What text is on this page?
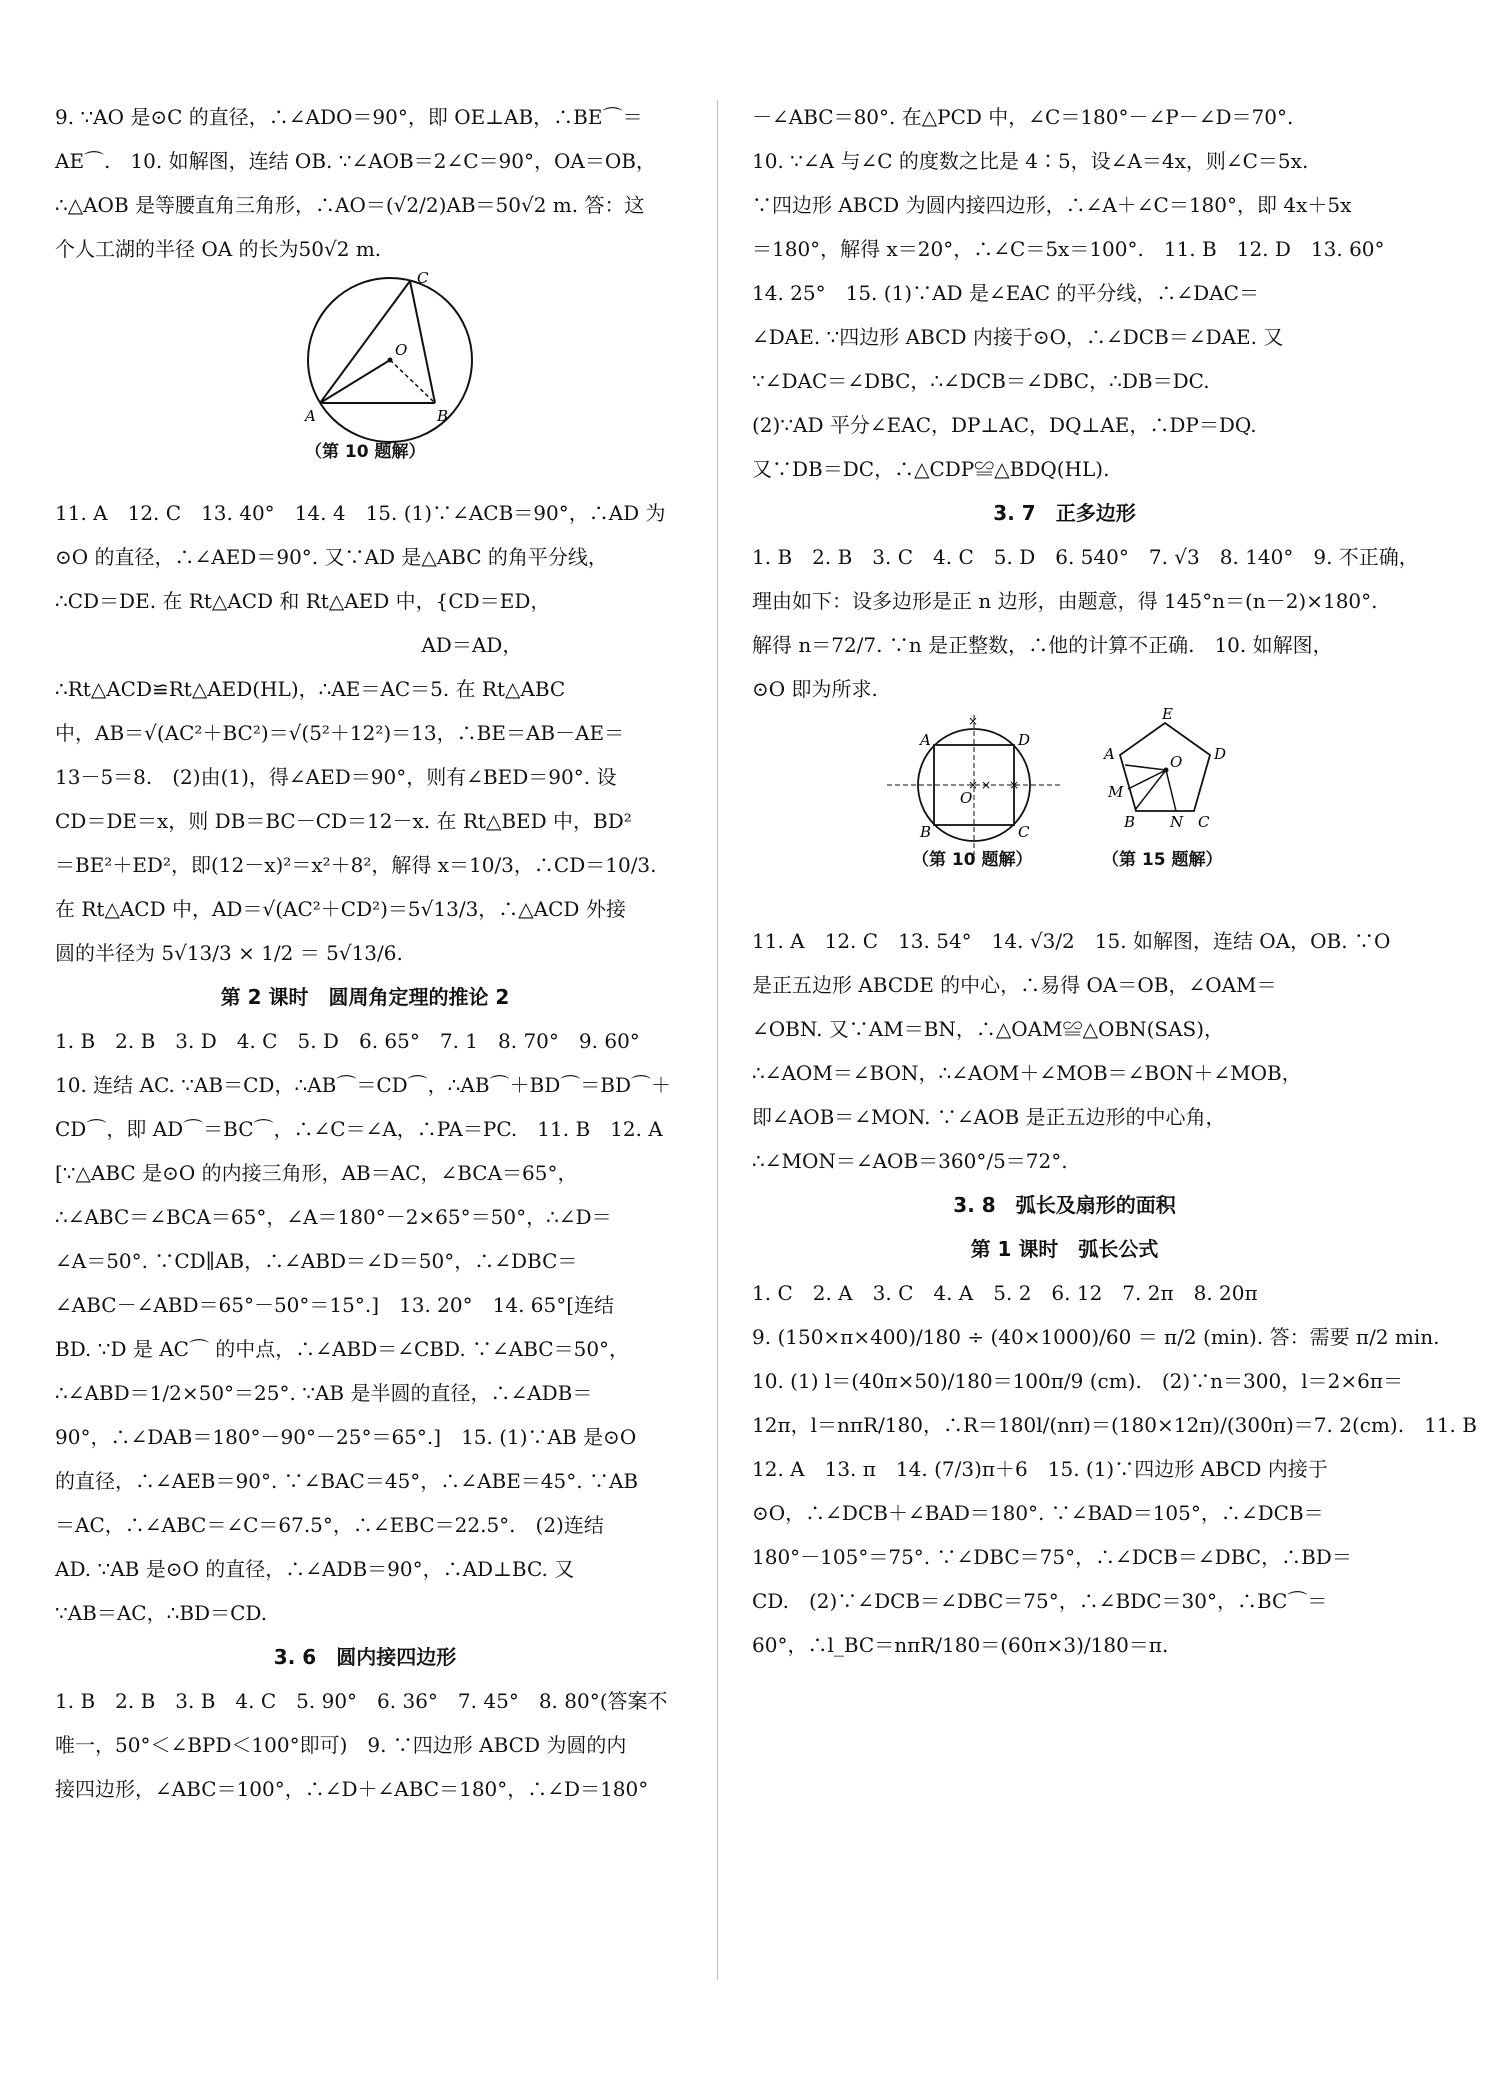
9. ∵AO 是⊙C 的直径，∴∠ADO＝90°，即 OE⊥AB，∴BE⌒＝

AE⌒.　10. 如解图，连结 OB. ∵∠AOB＝2∠C＝90°，OA＝OB，

∴△AOB 是等腰直角三角形，∴AO＝(√2/2)AB＝50√2 m. 答：这

个人工湖的半径 OA 的长为50√2 m.

C
O
A	B
（第 10 题解）

11. A　12. C　13. 40°　14. 4　15. (1)∵∠ACB＝90°，∴AD 为

⊙O 的直径，∴∠AED＝90°. 又∵AD 是△ABC 的角平分线，

∴CD＝DE. 在 Rt△ACD 和 Rt△AED 中，{CD＝ED，

　　　　　　　　　　　　　　　　　　 AD＝AD，

∴Rt△ACD≌Rt△AED(HL)，∴AE＝AC＝5. 在 Rt△ABC

中，AB＝√(AC²＋BC²)＝√(5²＋12²)＝13，∴BE＝AB－AE＝

13－5＝8.　(2)由(1)，得∠AED＝90°，则有∠BED＝90°. 设

CD＝DE＝x，则 DB＝BC－CD＝12－x. 在 Rt△BED 中，BD²

＝BE²＋ED²，即(12－x)²＝x²＋8²，解得 x＝10/3，∴CD＝10/3.

在 Rt△ACD 中，AD＝√(AC²＋CD²)＝5√13/3，∴△ACD 外接

圆的半径为 5√13/3 × 1/2 ＝ 5√13/6.

第 2 课时　圆周角定理的推论 2

1. B　2. B　3. D　4. C　5. D　6. 65°　7. 1　8. 70°　9. 60°

10. 连结 AC. ∵AB＝CD，∴AB⌒＝CD⌒，∴AB⌒＋BD⌒＝BD⌒＋

CD⌒，即 AD⌒＝BC⌒，∴∠C＝∠A，∴PA＝PC.　11. B　12. A

[∵△ABC 是⊙O 的内接三角形，AB＝AC，∠BCA＝65°，

∴∠ABC＝∠BCA＝65°，∠A＝180°－2×65°＝50°，∴∠D＝

∠A＝50°. ∵CD∥AB，∴∠ABD＝∠D＝50°，∴∠DBC＝

∠ABC－∠ABD＝65°－50°＝15°.]　13. 20°　14. 65°[连结

BD. ∵D 是 AC⌒ 的中点，∴∠ABD＝∠CBD. ∵∠ABC＝50°，

∴∠ABD＝1/2×50°＝25°. ∵AB 是半圆的直径，∴∠ADB＝

90°，∴∠DAB＝180°－90°－25°＝65°.]　15. (1)∵AB 是⊙O

的直径，∴∠AEB＝90°. ∵∠BAC＝45°，∴∠ABE＝45°. ∵AB

＝AC，∴∠ABC＝∠C＝67.5°，∴∠EBC＝22.5°.　(2)连结

AD. ∵AB 是⊙O 的直径，∴∠ADB＝90°，∴AD⊥BC. 又

∵AB＝AC，∴BD＝CD.

3. 6　圆内接四边形

1. B　2. B　3. B　4. C　5. 90°　6. 36°　7. 45°　8. 80°(答案不

唯一，50°＜∠BPD＜100°即可)　9. ∵四边形 ABCD 为圆的内

接四边形，∠ABC＝100°，∴∠D＋∠ABC＝180°，∴∠D＝180°

－∠ABC＝80°. 在△PCD 中，∠C＝180°－∠P－∠D＝70°.

10. ∵∠A 与∠C 的度数之比是 4∶5，设∠A＝4x，则∠C＝5x.

∵四边形 ABCD 为圆内接四边形，∴∠A＋∠C＝180°，即 4x＋5x

＝180°，解得 x＝20°，∴∠C＝5x＝100°.　11. B　12. D　13. 60°

14. 25°　15. (1)∵AD 是∠EAC 的平分线，∴∠DAC＝

∠DAE. ∵四边形 ABCD 内接于⊙O，∴∠DCB＝∠DAE. 又

∵∠DAC＝∠DBC，∴∠DCB＝∠DBC，∴DB＝DC.

(2)∵AD 平分∠EAC，DP⊥AC，DQ⊥AE，∴DP＝DQ.

又∵DB＝DC，∴△CDP≌△BDQ(HL).

3. 7　正多边形

1. B　2. B　3. C　4. C　5. D　6. 540°　7. √3　8. 140°　9. 不正确，

理由如下：设多边形是正 n 边形，由题意，得 145°n＝(n－2)×180°.

解得 n＝72/7. ∵n 是正整数，∴他的计算不正确.　10. 如解图，

⊙O 即为所求.

×
× ×
×
A	D
O
B	C
E
A	O D
M
B N C
（第 10 题解）	（第 15 题解）

11. A　12. C　13. 54°　14. √3/2　15. 如解图，连结 OA，OB. ∵O

是正五边形 ABCDE 的中心，∴易得 OA＝OB，∠OAM＝

∠OBN. 又∵AM＝BN，∴△OAM≌△OBN(SAS)，

∴∠AOM＝∠BON，∴∠AOM＋∠MOB＝∠BON＋∠MOB，

即∠AOB＝∠MON. ∵∠AOB 是正五边形的中心角，

∴∠MON＝∠AOB＝360°/5＝72°.

3. 8　弧长及扇形的面积

第 1 课时　弧长公式

1. C　2. A　3. C　4. A　5. 2　6. 12　7. 2π　8. 20π

9. (150×π×400)/180 ÷ (40×1000)/60 ＝ π/2 (min). 答：需要 π/2 min.

10. (1) l＝(40π×50)/180＝100π/9 (cm).　(2)∵n＝300，l＝2×6π＝

12π，l＝nπR/180，∴R＝180l/(nπ)＝(180×12π)/(300π)＝7. 2(cm).　11. B

12. A　13. π　14. (7/3)π＋6　15. (1)∵四边形 ABCD 内接于

⊙O，∴∠DCB＋∠BAD＝180°. ∵∠BAD＝105°，∴∠DCB＝

180°－105°＝75°. ∵∠DBC＝75°，∴∠DCB＝∠DBC，∴BD＝

CD.　(2)∵∠DCB＝∠DBC＝75°，∴∠BDC＝30°，∴BC⌒＝

60°，∴l_BC＝nπR/180＝(60π×3)/180＝π.
